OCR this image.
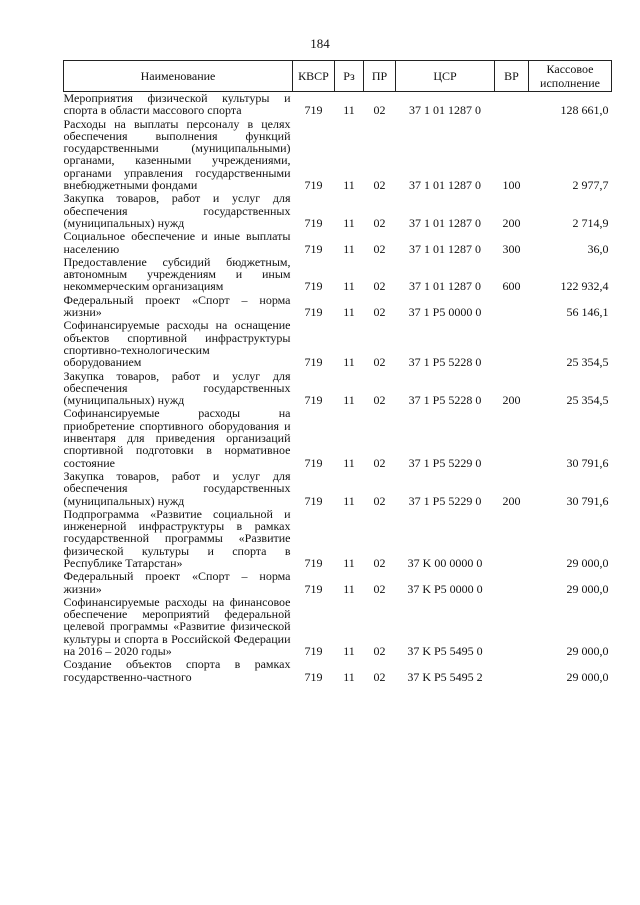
184
Наименование	КВСР	Рз	ПР	ЦСР	ВР	Кассовое исполнение
Мероприятия физической культуры и спорта в области массового спорта	719	11	02	37 1 01 1287 0		128 661,0
Расходы на выплаты персоналу в целях обеспечения выполнения функций государственными (муниципальными) органами, казенными учреждениями, органами управления государственными внебюджетными фондами	719	11	02	37 1 01 1287 0	100	2 977,7
Закупка товаров, работ и услуг для обеспечения государственных (муниципальных) нужд	719	11	02	37 1 01 1287 0	200	2 714,9
Социальное обеспечение и иные выплаты населению	719	11	02	37 1 01 1287 0	300	36,0
Предоставление субсидий бюджетным, автономным учреждениям и иным некоммерческим организациям	719	11	02	37 1 01 1287 0	600	122 932,4
Федеральный проект «Спорт – норма жизни»	719	11	02	37 1 P5 0000 0		56 146,1
Софинансируемые расходы на оснащение объектов спортивной инфраструктуры спортивно-технологическим оборудованием	719	11	02	37 1 P5 5228 0		25 354,5
Закупка товаров, работ и услуг для обеспечения государственных (муниципальных) нужд	719	11	02	37 1 P5 5228 0	200	25 354,5
Софинансируемые расходы на приобретение спортивного оборудования и инвентаря для приведения организаций спортивной подготовки в нормативное состояние	719	11	02	37 1 P5 5229 0		30 791,6
Закупка товаров, работ и услуг для обеспечения государственных (муниципальных) нужд	719	11	02	37 1 P5 5229 0	200	30 791,6
Подпрограмма «Развитие социальной и инженерной инфраструктуры в рамках государственной программы «Развитие физической культуры и спорта в Республике Татарстан»	719	11	02	37 K 00 0000 0		29 000,0
Федеральный проект «Спорт – норма жизни»	719	11	02	37 K P5 0000 0		29 000,0
Софинансируемые расходы на финансовое обеспечение мероприятий федеральной целевой программы «Развитие физической культуры и спорта в Российской Федерации на 2016 – 2020 годы»	719	11	02	37 K P5 5495 0		29 000,0
Создание объектов спорта в рамках государственно-частного	719	11	02	37 K P5 5495 2		29 000,0
